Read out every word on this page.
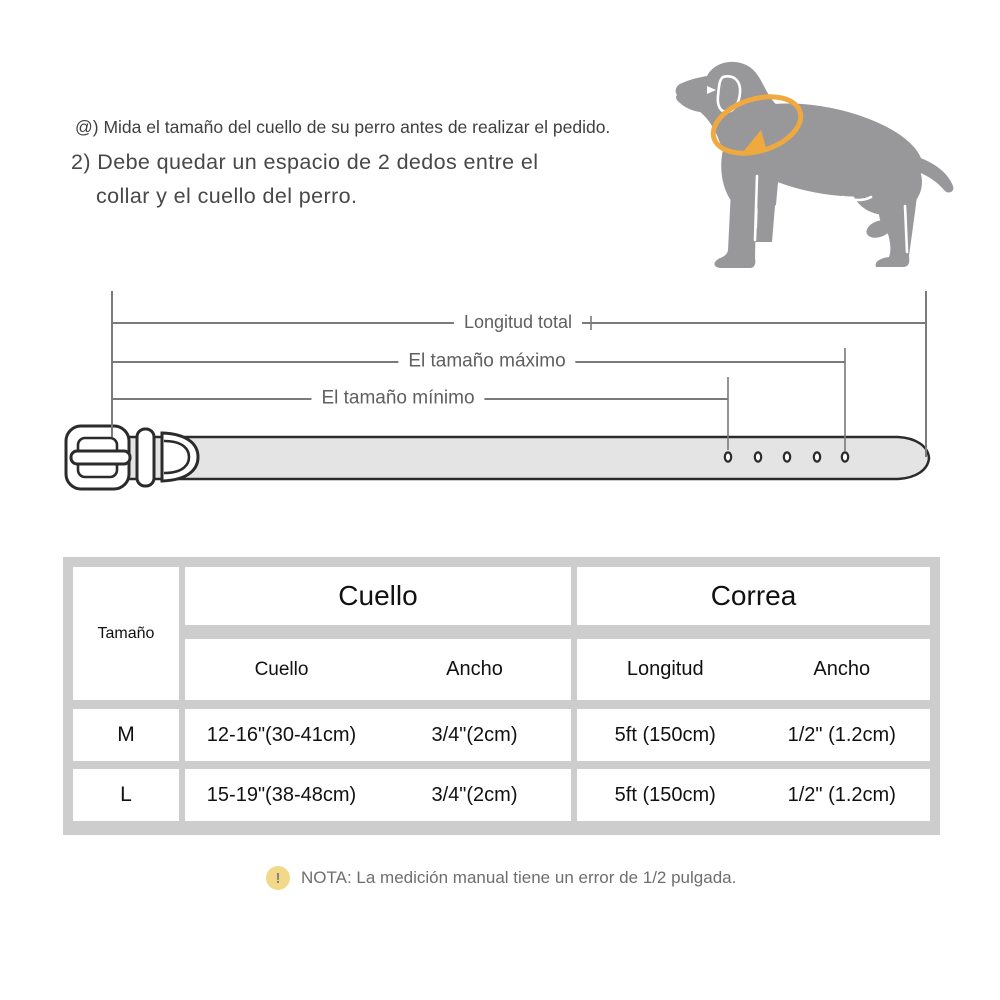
Longitud total
El tamaño máximo
El tamaño mínimo
@) Mida el tamaño del cuello de su perro antes de realizar el pedido.
2) Debe quedar un espacio de 2 dedos entre el
collar y el cuello del perro.
Tamaño
Cuello	Correa
Cuello	Ancho	Longitud	Ancho
M	12-16"(30-41cm)	3/4"(2cm)	5ft (150cm)	1/2" (1.2cm)
L	15-19"(38-48cm)	3/4"(2cm)	5ft (150cm)	1/2" (1.2cm)
!	NOTA: La medición manual tiene un error de 1/2 pulgada.
